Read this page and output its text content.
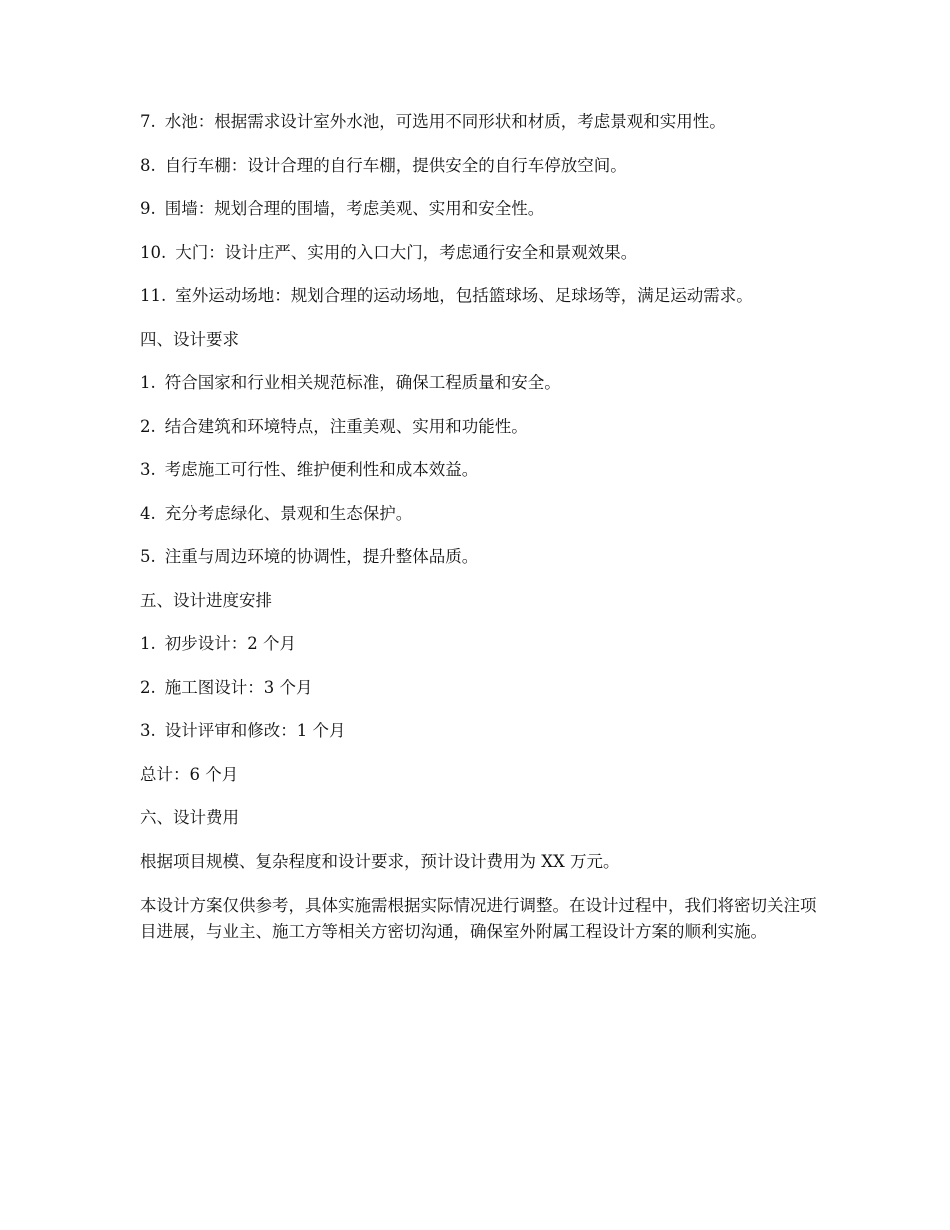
7. 水池：根据需求设计室外水池，可选用不同形状和材质，考虑景观和实用性。
8. 自行车棚：设计合理的自行车棚，提供安全的自行车停放空间。
9. 围墙：规划合理的围墙，考虑美观、实用和安全性。
10. 大门：设计庄严、实用的入口大门，考虑通行安全和景观效果。
11. 室外运动场地：规划合理的运动场地，包括篮球场、足球场等，满足运动需求。
四、设计要求
1. 符合国家和行业相关规范标准，确保工程质量和安全。
2. 结合建筑和环境特点，注重美观、实用和功能性。
3. 考虑施工可行性、维护便利性和成本效益。
4. 充分考虑绿化、景观和生态保护。
5. 注重与周边环境的协调性，提升整体品质。
五、设计进度安排
1. 初步设计：2 个月
2. 施工图设计：3 个月
3. 设计评审和修改：1 个月
总计：6 个月
六、设计费用
根据项目规模、复杂程度和设计要求，预计设计费用为 XX 万元。
本设计方案仅供参考，具体实施需根据实际情况进行调整。在设计过程中，我们将密切关注项目进展，与业主、施工方等相关方密切沟通，确保室外附属工程设计方案的顺利实施。
